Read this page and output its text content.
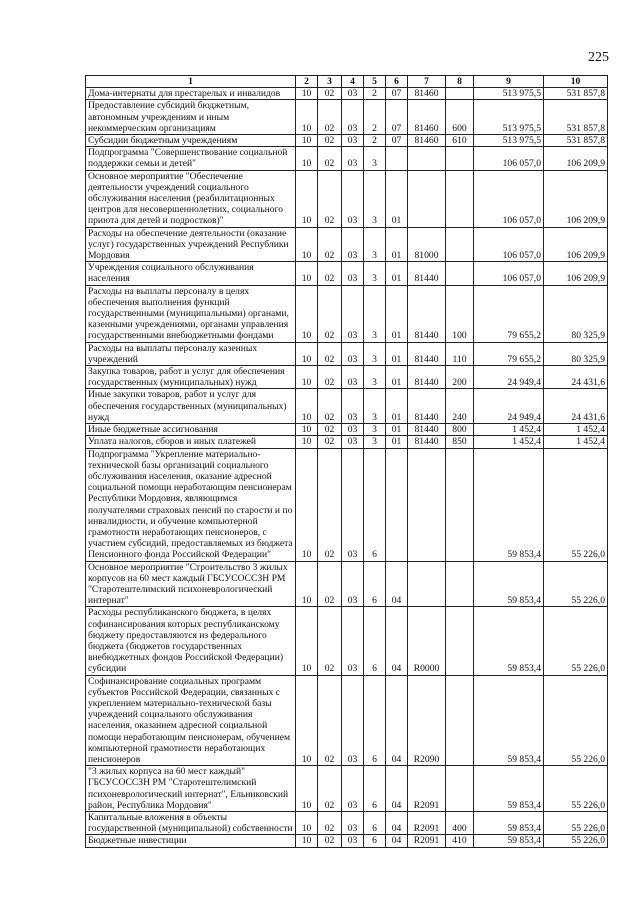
225
1	2	3	4	5	6	7	8	9	10
Дома-интернаты для престарелых и инвалидов	10	02	03	2	07	81460		513 975,5	531 857,8
Предоставление субсидий бюджетным, автономным учреждениям и иным некоммерческим организациям	10	02	03	2	07	81460	600	513 975,5	531 857,8
Субсидии бюджетным учреждениям	10	02	03	2	07	81460	610	513 975,5	531 857,8
Подпрограмма "Совершенствование социальной поддержки семьи и детей"	10	02	03	3				106 057,0	106 209,9
Основное мероприятие "Обеспечение деятельности учреждений социального обслуживания населения (реабилитационных центров для несовершеннолетних, социального приюта для детей и подростков)"	10	02	03	3	01			106 057,0	106 209,9
Расходы на обеспечение деятельности (оказание услуг) государственных учреждений Республики Мордовия	10	02	03	3	01	81000		106 057,0	106 209,9
Учреждения социального обслуживания населения	10	02	03	3	01	81440		106 057,0	106 209,9
Расходы на выплаты персоналу в целях обеспечения выполнения функций государственными (муниципальными) органами, казенными учреждениями, органами управления государственными внебюджетными фондами	10	02	03	3	01	81440	100	79 655,2	80 325,9
Расходы на выплаты персоналу казенных учреждений	10	02	03	3	01	81440	110	79 655,2	80 325,9
Закупка товаров, работ и услуг для обеспечения государственных (муниципальных) нужд	10	02	03	3	01	81440	200	24 949,4	24 431,6
Иные закупки товаров, работ и услуг для обеспечения государственных (муниципальных) нужд	10	02	03	3	01	81440	240	24 949,4	24 431,6
Иные бюджетные ассигнования	10	02	03	3	01	81440	800	1 452,4	1 452,4
Уплата налогов, сборов и иных платежей	10	02	03	3	01	81440	850	1 452,4	1 452,4
Подпрограмма "Укрепление материально-технической базы организаций социального обслуживания населения, оказание адресной социальной помощи неработающим пенсионерам Республики Мордовия, являющимся получателями страховых пенсий по старости и по инвалидности, и обучение компьютерной грамотности неработающих пенсионеров, с участием субсидий, предоставляемых из бюджета Пенсионного фонда Российской Федерации"	10	02	03	6				59 853,4	55 226,0
Основное мероприятие "Строительство 3 жилых корпусов на 60 мест каждый ГБСУСОССЗН РМ "Старотештелимский психоневрологический интернат"	10	02	03	6	04			59 853,4	55 226,0
Расходы республиканского бюджета, в целях софинансирования которых республиканскому бюджету предоставляются из федерального бюджета (бюджетов государственных внебюджетных фондов Российской Федерации) субсидии	10	02	03	6	04	R0000		59 853,4	55 226,0
Софинансирование социальных программ субъектов Российской Федерации, связанных с укреплением материально-технической базы учреждений социального обслуживания населения, оказанием адресной социальной помощи неработающим пенсионерам, обучением компьютерной грамотности неработающих пенсионеров	10	02	03	6	04	R2090		59 853,4	55 226,0
"3 жилых корпуса на 60 мест каждый" ГБСУСОССЗН РМ "Старотештелимский психоневрологический интернат", Ельниковский район, Республика Мордовия"	10	02	03	6	04	R2091		59 853,4	55 226,0
Капитальные вложения в объекты государственной (муниципальной) собственности	10	02	03	6	04	R2091	400	59 853,4	55 226,0
Бюджетные инвестиции	10	02	03	6	04	R2091	410	59 853,4	55 226,0
